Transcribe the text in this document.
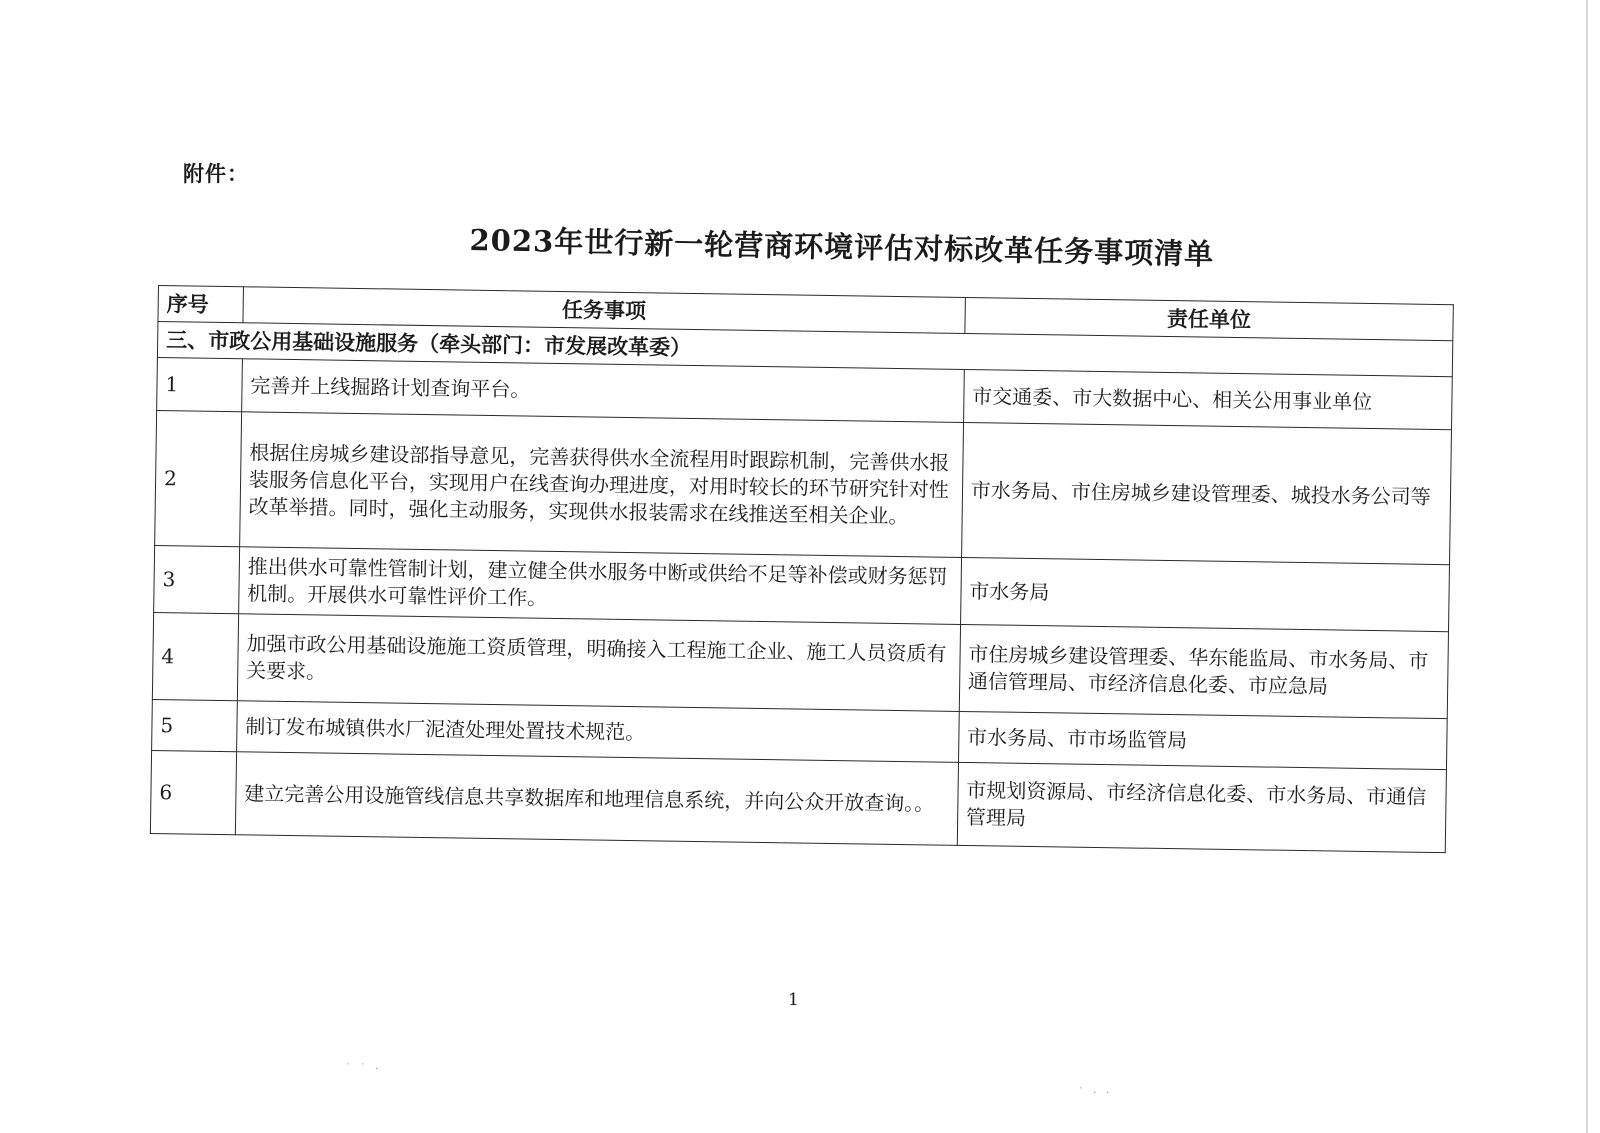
附件：
2023年世行新一轮营商环境评估对标改革任务事项清单
序号	任务事项	责任单位
三、市政公用基础设施服务（牵头部门：市发展改革委）		
1	完善并上线掘路计划查询平台。	市交通委、市大数据中心、相关公用事业单位
2	根据住房城乡建设部指导意见，完善获得供水全流程用时跟踪机制，完善供水报装服务信息化平台，实现用户在线查询办理进度，对用时较长的环节研究针对性改革举措。同时，强化主动服务，实现供水报装需求在线推送至相关企业。	市水务局、市住房城乡建设管理委、城投水务公司等
3	推出供水可靠性管制计划，建立健全供水服务中断或供给不足等补偿或财务惩罚机制。开展供水可靠性评价工作。	市水务局
4	加强市政公用基础设施施工资质管理，明确接入工程施工企业、施工人员资质有关要求。	市住房城乡建设管理委、华东能监局、市水务局、市通信管理局、市经济信息化委、市应急局
5	制订发布城镇供水厂泥渣处理处置技术规范。	市水务局、市市场监管局
6	建立完善公用设施管线信息共享数据库和地理信息系统，并向公众开放查询。。	市规划资源局、市经济信息化委、市水务局、市通信管理局
1
˙ ˙ ·
˙ · ·
